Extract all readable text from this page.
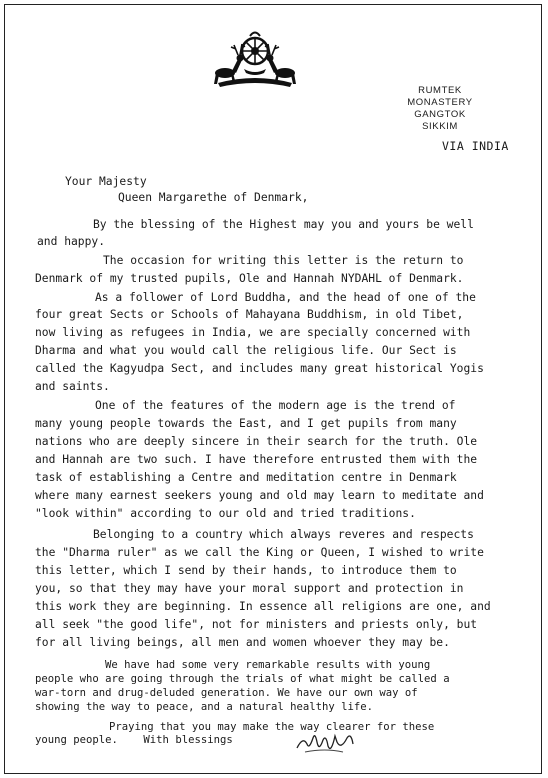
RUMTEK MONASTERY
GANGTOK
SIKKIM
VIA INDIA
Your Majesty
Queen Margarethe of Denmark,
By the blessing of the Highest may you and yours be well
and happy.
The occasion for writing this letter is the return to
Denmark of my trusted pupils, Ole and Hannah NYDAHL of Denmark.
As a follower of Lord Buddha, and the head of one of the
four great Sects or Schools of Mahayana Buddhism, in old Tibet,
now living as refugees in India, we are specially concerned with
Dharma and what you would call the religious life. Our Sect is
called the Kagyudpa Sect, and includes many great historical Yogis
and saints.
One of the features of the modern age is the trend of
many young people towards the East, and I get pupils from many
nations who are deeply sincere in their search for the truth. Ole
and Hannah are two such. I have therefore entrusted them with the
task of establishing a Centre and meditation centre in Denmark
where many earnest seekers young and old may learn to meditate and
"look within" according to our old and tried traditions.
Belonging to a country which always reveres and respects
the "Dharma ruler" as we call the King or Queen, I wished to write
this letter, which I send by their hands, to introduce them to
you, so that they may have your moral support and protection in
this work they are beginning. In essence all religions are one, and
all seek "the good life", not for ministers and priests only, but
for all living beings, all men and women whoever they may be.
We have had some very remarkable results with young
people who are going through the trials of what might be called a
war-torn and drug-deluded generation. We have our own way of
showing the way to peace, and a natural healthy life.
Praying that you may make the way clearer for these
young people.    With blessings
